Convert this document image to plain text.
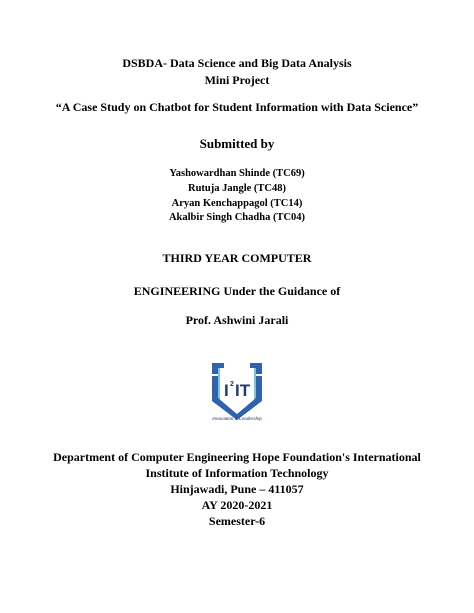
DSBDA- Data Science and Big Data Analysis
Mini Project
“A Case Study on Chatbot for Student Information with Data Science”
Submitted by
Yashowardhan Shinde (TC69)
Rutuja Jangle (TC48)
Aryan Kenchappagol (TC14)
Akalbir Singh Chadha (TC04)
THIRD YEAR COMPUTER
ENGINEERING Under the Guidance of
Prof. Ashwini Jarali
I 2 IT
Innovation & Leadership
Department of Computer Engineering Hope Foundation's International
Institute of Information Technology
Hinjawadi, Pune – 411057
AY 2020-2021
Semester-6
